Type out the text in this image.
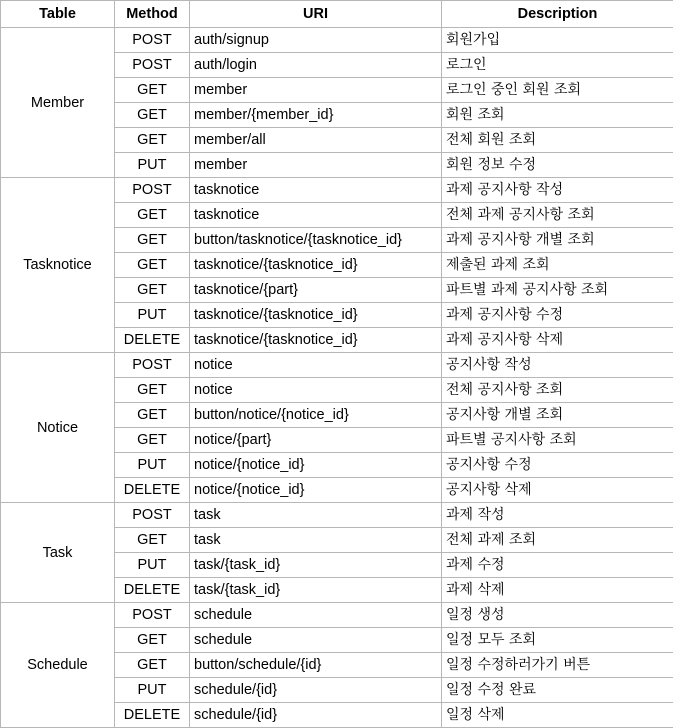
Table	Method	URI	Description
Member	POST	auth/signup	회원가입
	POST	auth/login	로그인
	GET	member	로그인 중인 회원 조회
	GET	member/{member_id}	회원 조회
	GET	member/all	전체 회원 조회
	PUT	member	회원 정보 수정
Tasknotice	POST	tasknotice	과제 공지사항 작성
	GET	tasknotice	전체 과제 공지사항 조회
	GET	button/tasknotice/{tasknotice_id}	과제 공지사항 개별 조회
	GET	tasknotice/{tasknotice_id}	제출된 과제 조회
	GET	tasknotice/{part}	파트별 과제 공지사항 조회
	PUT	tasknotice/{tasknotice_id}	과제 공지사항 수정
	DELETE	tasknotice/{tasknotice_id}	과제 공지사항 삭제
Notice	POST	notice	공지사항 작성
	GET	notice	전체 공지사항 조회
	GET	button/notice/{notice_id}	공지사항 개별 조회
	GET	notice/{part}	파트별 공지사항 조회
	PUT	notice/{notice_id}	공지사항 수정
	DELETE	notice/{notice_id}	공지사항 삭제
Task	POST	task	과제 작성
	GET	task	전체 과제 조회
	PUT	task/{task_id}	과제 수정
	DELETE	task/{task_id}	과제 삭제
Schedule	POST	schedule	일정 생성
	GET	schedule	일정 모두 조회
	GET	button/schedule/{id}	일정 수정하러가기 버튼
	PUT	schedule/{id}	일정 수정 완료
	DELETE	schedule/{id}	일정 삭제
